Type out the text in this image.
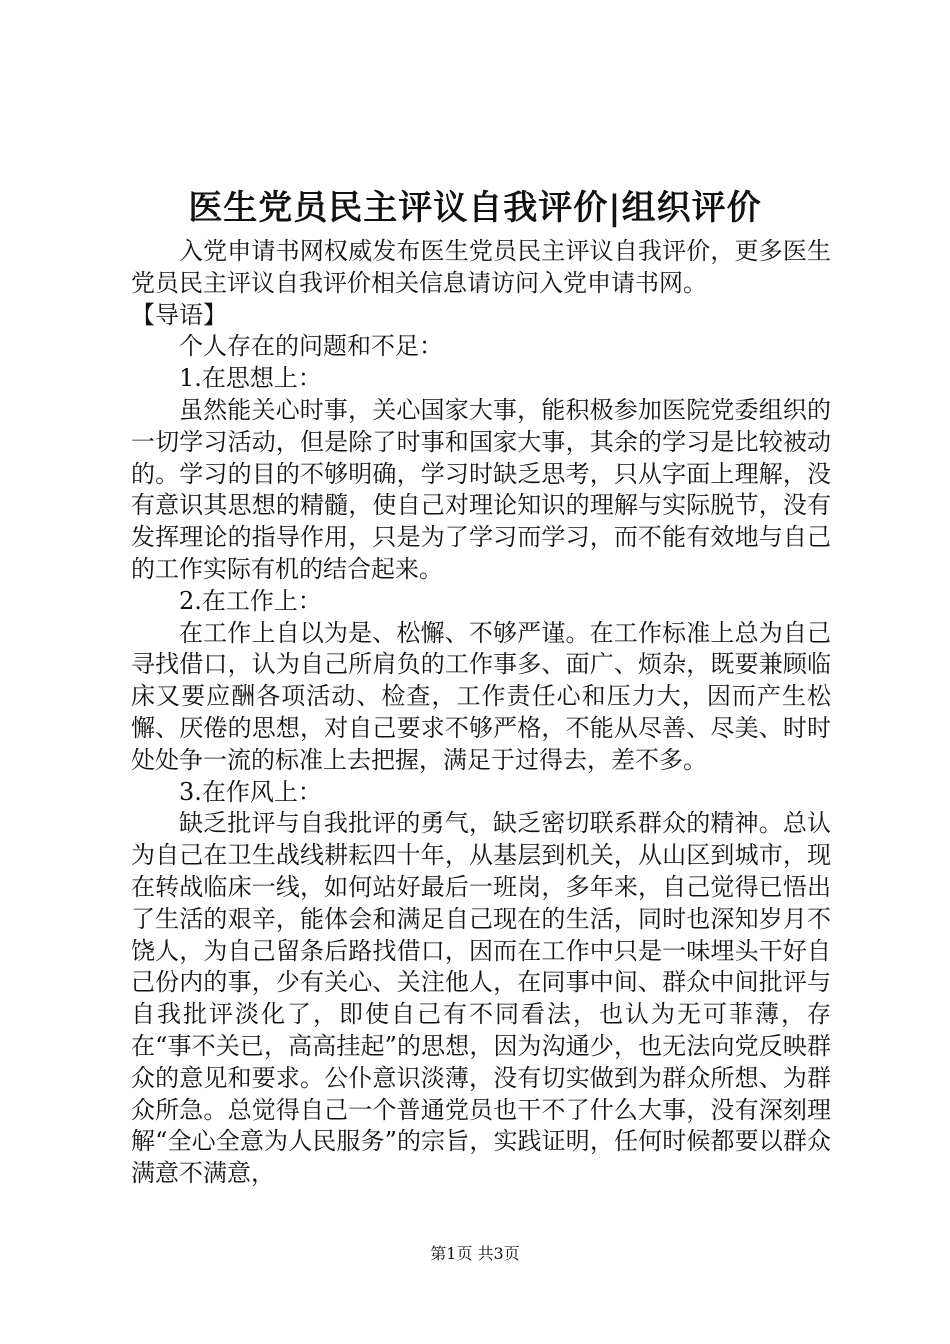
医生党员民主评议自我评价|组织评价

入党申请书网权威发布医生党员民主评议自我评价，更多医生党员民主评议自我评价相关信息请访问入党申请书网。

【导语】

个人存在的问题和不足：

1.在思想上：

虽然能关心时事，关心国家大事，能积极参加医院党委组织的一切学习活动，但是除了时事和国家大事，其余的学习是比较被动的。学习的目的不够明确，学习时缺乏思考，只从字面上理解，没有意识其思想的精髓，使自己对理论知识的理解与实际脱节，没有发挥理论的指导作用，只是为了学习而学习，而不能有效地与自己的工作实际有机的结合起来。

2.在工作上：

在工作上自以为是、松懈、不够严谨。在工作标准上总为自己寻找借口，认为自己所肩负的工作事多、面广、烦杂，既要兼顾临床又要应酬各项活动、检查，工作责任心和压力大，因而产生松懈、厌倦的思想，对自己要求不够严格，不能从尽善、尽美、时时处处争一流的标准上去把握，满足于过得去，差不多。

3.在作风上：

缺乏批评与自我批评的勇气，缺乏密切联系群众的精神。总认为自己在卫生战线耕耘四十年，从基层到机关，从山区到城市，现在转战临床一线，如何站好最后一班岗，多年来，自己觉得已悟出了生活的艰辛，能体会和满足自己现在的生活，同时也深知岁月不饶人，为自己留条后路找借口，因而在工作中只是一味埋头干好自己份内的事，少有关心、关注他人，在同事中间、群众中间批评与自我批评淡化了，即使自己有不同看法，也认为无可菲薄，存在“事不关已，高高挂起”的思想，因为沟通少，也无法向党反映群众的意见和要求。公仆意识淡薄，没有切实做到为群众所想、为群众所急。总觉得自己一个普通党员也干不了什么大事，没有深刻理解“全心全意为人民服务”的宗旨，实践证明，任何时候都要以群众满意不满意，

第1页 共3页
